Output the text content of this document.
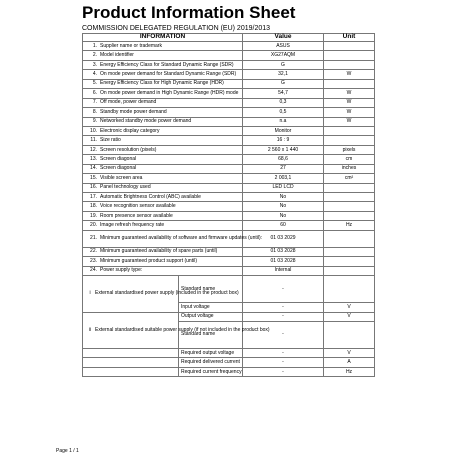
Product Information Sheet
COMMISSION DELEGATED REGULATION (EU) 2019/2013
INFORMATION		Value	Unit
1. Supplier name or trademark		ASUS	
2. Model identifier		XG27AQM	
3. Energy Efficiency Class for Standard Dynamic Range (SDR)		G	
4. On mode power demand for Standard Dynamic Range (SDR)		32,1	W
5. Energy Efficiency Class for High Dynamic Range (HDR)		G	
6. On mode power demand in High Dynamic Range (HDR) mode		54,7	W
7. Off mode, power demand		0,3	W
8. Standby mode power demand		0,5	W
9. Networked standby mode power demand		n.a	W
10. Electronic display category		Monitor	
11. Size ratio		16 : 9	
12. Screen resolution (pixels)		2 560 x 1 440	pixels
13. Screen diagonal		68,6	cm
14. Screen diagonal		27	inches
15. Visible screen area		2 003,1	cm²
16. Panel technology used		LED LCD	
17. Automatic Brightness Control (ABC) available		No	
18. Voice recognition sensor available		No	
19. Room presence sensor available		No	
20. Image refresh frequency rate		60	Hz
21. Minimum guaranteed availability of software and firmware updates (until):		01 03 2029	
22. Minimum guaranteed availability of spare parts (until)		01 03 2028	
23. Minimum guaranteed product support (until)		01 03 2028	
24. Power supply type:		Internal	
i External standardised power supply (included in the product box)	Standard name	-	
	Input voltage	-	V
ii External standardised suitable power supply (if not included in the product box)	Output voltage	-	V
	Standard name	-	
	Required output voltage	-	V
	Required delivered current	-	A
	Required current frequency	-	Hz
Page 1 / 1
